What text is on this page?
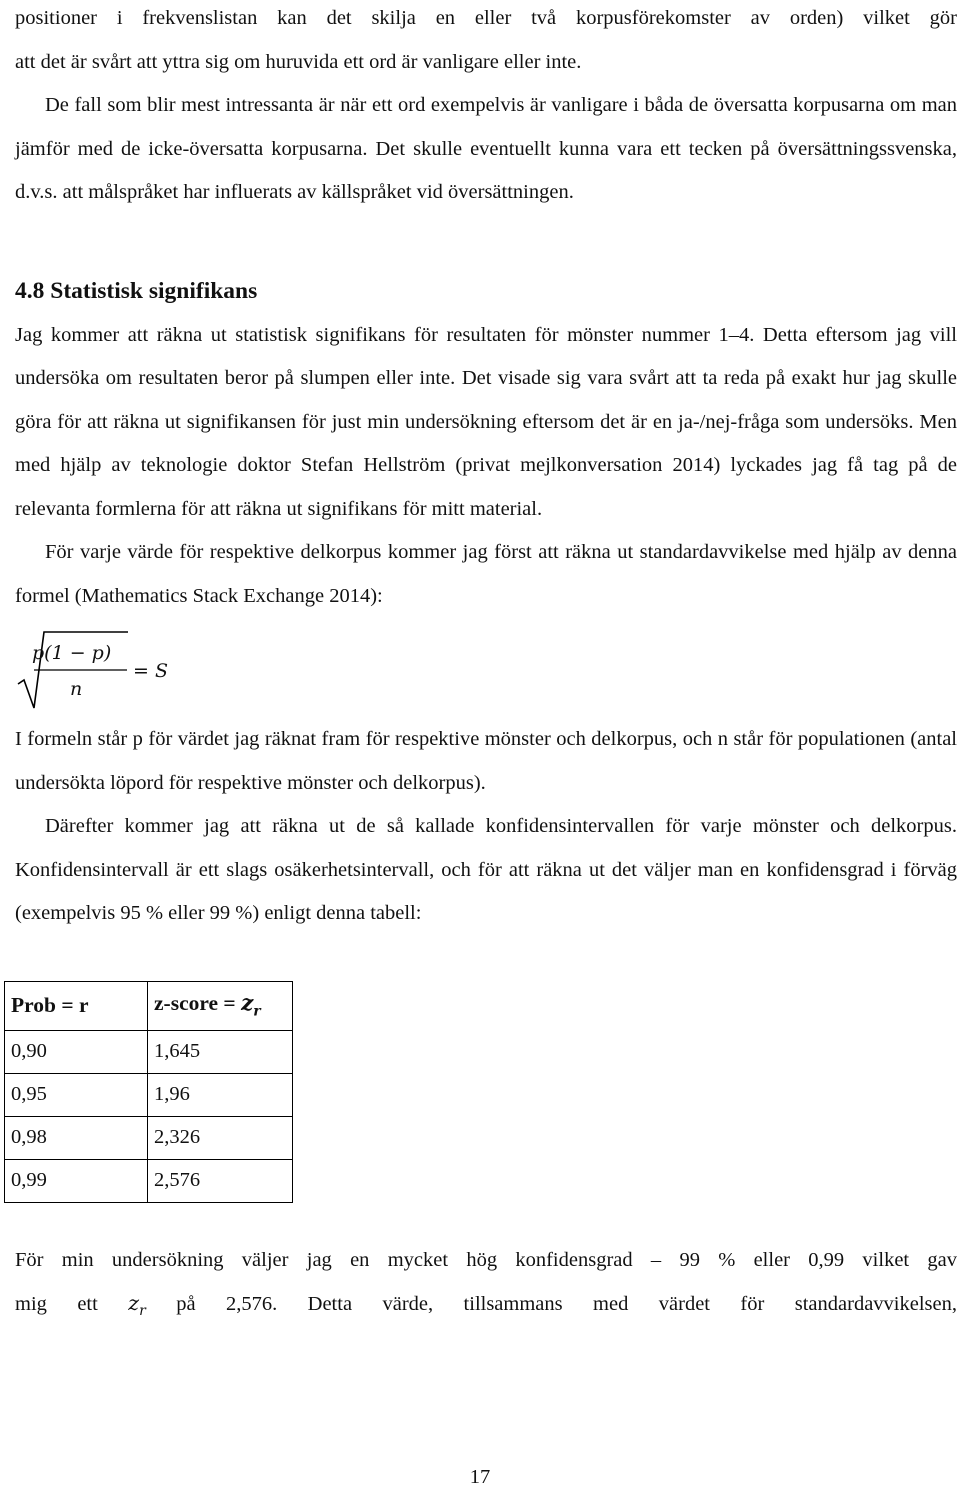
positioner i frekvenslistan kan det skilja en eller två korpusförekomster av orden) vilket gör
att det är svårt att yttra sig om huruvida ett ord är vanligare eller inte.

De fall som blir mest intressanta är när ett ord exempelvis är vanligare i båda de översatta korpusarna om man jämför med de icke-översatta korpusarna. Det skulle eventuellt kunna vara ett tecken på översättningssvenska, d.v.s. att målspråket har influerats av källspråket vid översättningen.

4.8 Statistisk signifikans

Jag kommer att räkna ut statistisk signifikans för resultaten för mönster nummer 1–4. Detta eftersom jag vill undersöka om resultaten beror på slumpen eller inte. Det visade sig vara svårt att ta reda på exakt hur jag skulle göra för att räkna ut signifikansen för just min undersökning eftersom det är en ja-/nej-fråga som undersöks. Men med hjälp av teknologie doktor Stefan Hellström (privat mejlkonversation 2014) lyckades jag få tag på de relevanta formlerna för att räkna ut signifikans för mitt material.

För varje värde för respektive delkorpus kommer jag först att räkna ut standardavvikelse med hjälp av denna formel (Mathematics Stack Exchange 2014):

p(1 − p)
n
= S

I formeln står p för värdet jag räknat fram för respektive mönster och delkorpus, och n står för populationen (antal undersökta löpord för respektive mönster och delkorpus).

Därefter kommer jag att räkna ut de så kallade konfidensintervallen för varje mönster och delkorpus. Konfidensintervall är ett slags osäkerhetsintervall, och för att räkna ut det väljer man en konfidensgrad i förväg (exempelvis 95 % eller 99 %) enligt denna tabell:

Prob = r	z-score = $z_r$
0,90	1,645
0,95	1,96
0,98	2,326
0,99	2,576

För min undersökning väljer jag en mycket hög konfidensgrad – 99 % eller 0,99 vilket gav
mig ett $z_r$ på 2,576. Detta värde, tillsammans med värdet för standardavvikelsen,

17
